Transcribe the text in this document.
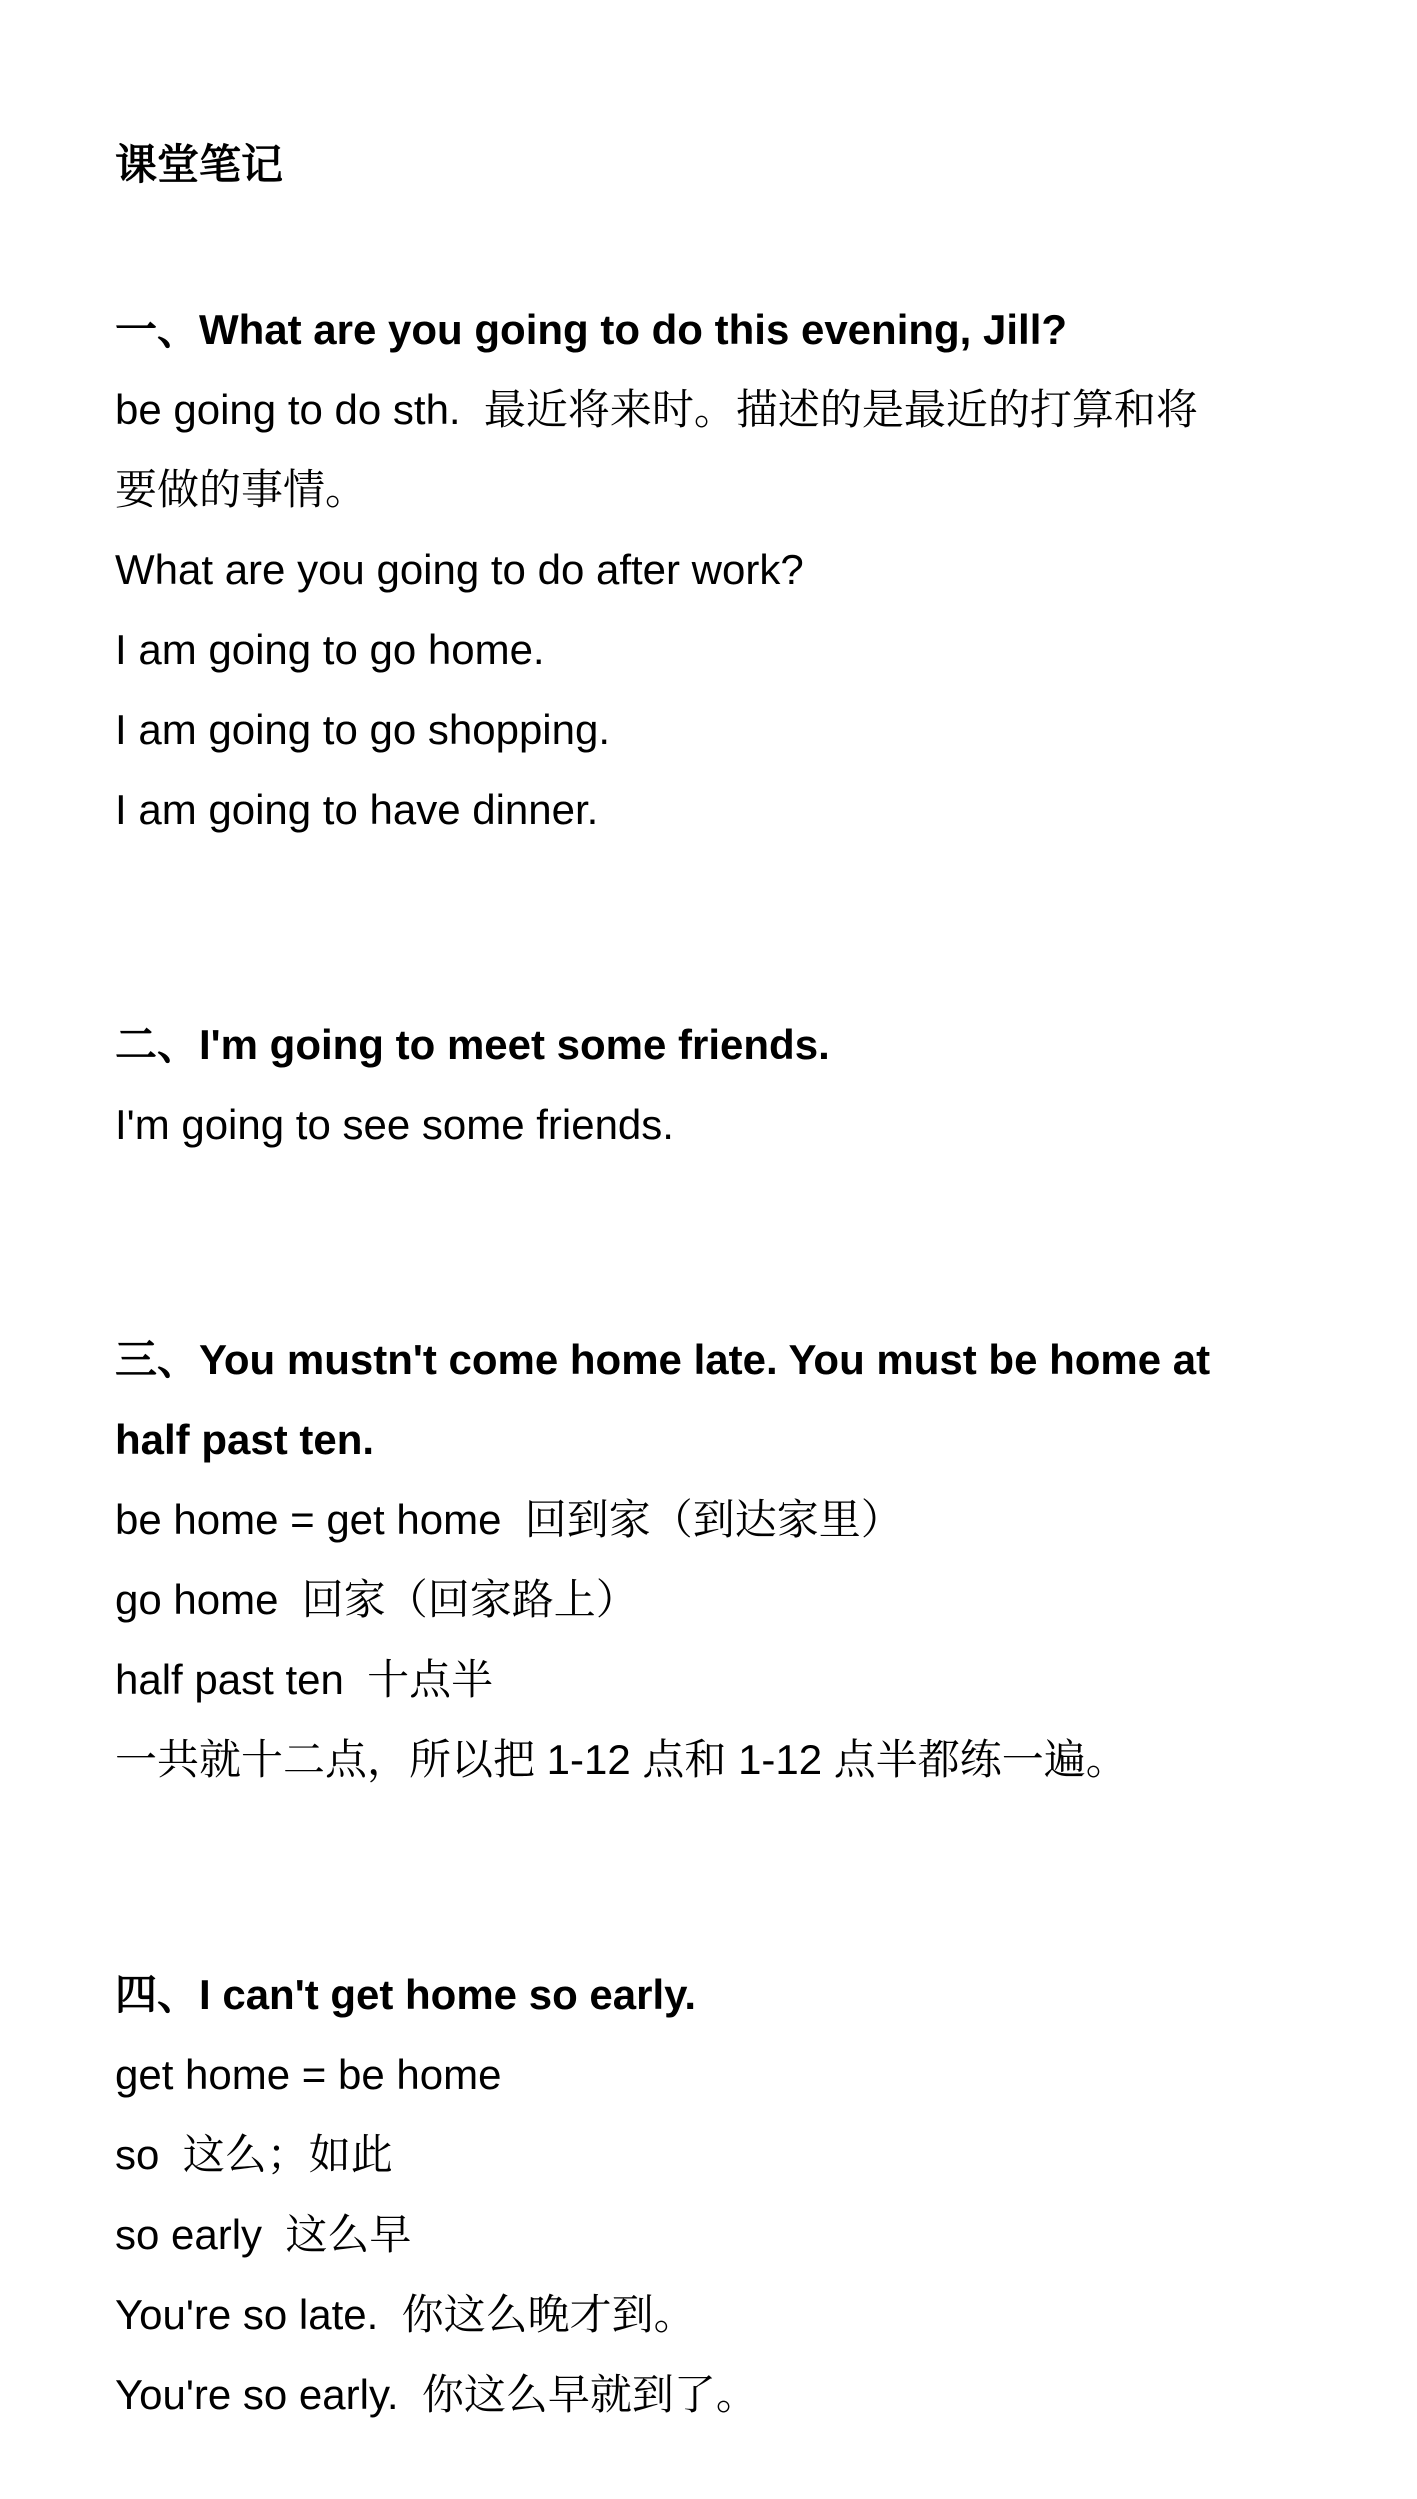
课堂笔记
一、What are you going to do this evening, Jill?
be going to do sth.  最近将来时。描述的是最近的打算和将
要做的事情。
What are you going to do after work?
I am going to go home.
I am going to go shopping.
I am going to have dinner.
二、I'm going to meet some friends.
I'm going to see some friends.
三、You mustn't come home late. You must be home at
half past ten.
be home = get home  回到家（到达家里）
go home  回家（回家路上）
half past ten  十点半
一共就十二点，所以把 1-12 点和 1-12 点半都练一遍。
四、I can't get home so early.
get home = be home
so  这么；如此
so early  这么早
You're so late.  你这么晚才到。
You're so early.  你这么早就到了。
